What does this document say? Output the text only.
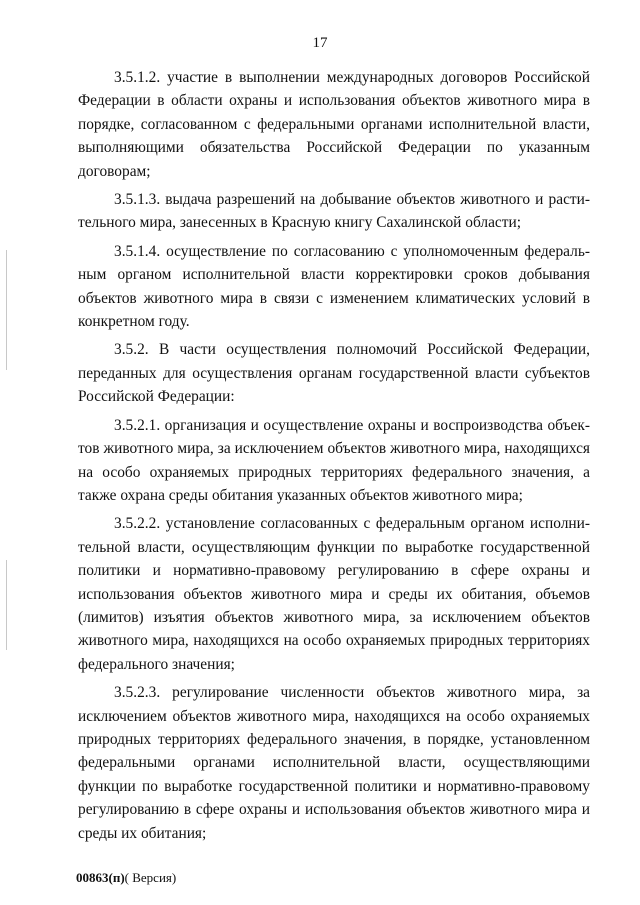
17

3.5.1.2. участие в выполнении международных договоров Российской Федерации в области охраны и использования объектов животного мира в порядке, согласованном с федеральными органами исполнительной власти, выполняющими обязательства Российской Федерации по указанным договорам;

3.5.1.3. выдача разрешений на добывание объектов животного и растительного мира, занесенных в Красную книгу Сахалинской области;

3.5.1.4. осуществление по согласованию с уполномоченным федеральным органом исполнительной власти корректировки сроков добывания объектов животного мира в связи с изменением климатических условий в конкретном году.

3.5.2. В части осуществления полномочий Российской Федерации, переданных для осуществления органам государственной власти субъектов Российской Федерации:

3.5.2.1. организация и осуществление охраны и воспроизводства объектов животного мира, за исключением объектов животного мира, находящихся на особо охраняемых природных территориях федерального значения, а также охрана среды обитания указанных объектов животного мира;

3.5.2.2. установление согласованных с федеральным органом исполнительной власти, осуществляющим функции по выработке государственной политики и нормативно-правовому регулированию в сфере охраны и использования объектов животного мира и среды их обитания, объемов (лимитов) изъятия объектов животного мира, за исключением объектов животного мира, находящихся на особо охраняемых природных территориях федерального значения;

3.5.2.3. регулирование численности объектов животного мира, за исключением объектов животного мира, находящихся на особо охраняемых природных территориях федерального значения, в порядке, установленном федеральными органами исполнительной власти, осуществляющими функции по выработке государственной политики и нормативно-правовому регулированию в сфере охраны и использования объектов животного мира и среды их обитания;

00863(п)( Версия)
